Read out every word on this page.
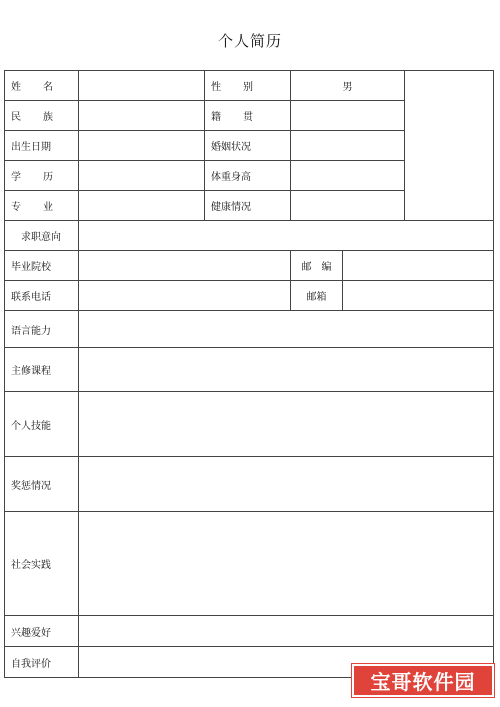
个人简历
姓 名		性 别	男		
民 族		籍 贯			
出生日期		婚姻状况			
学 历		体重身高			
专 业		健康情况			
求职意向					
毕业院校			邮 编		
联系电话			邮箱		
语言能力					
主修课程					
个人技能					
奖惩情况					
社会实践					
兴趣爱好					
自我评价					
宝哥软件园
